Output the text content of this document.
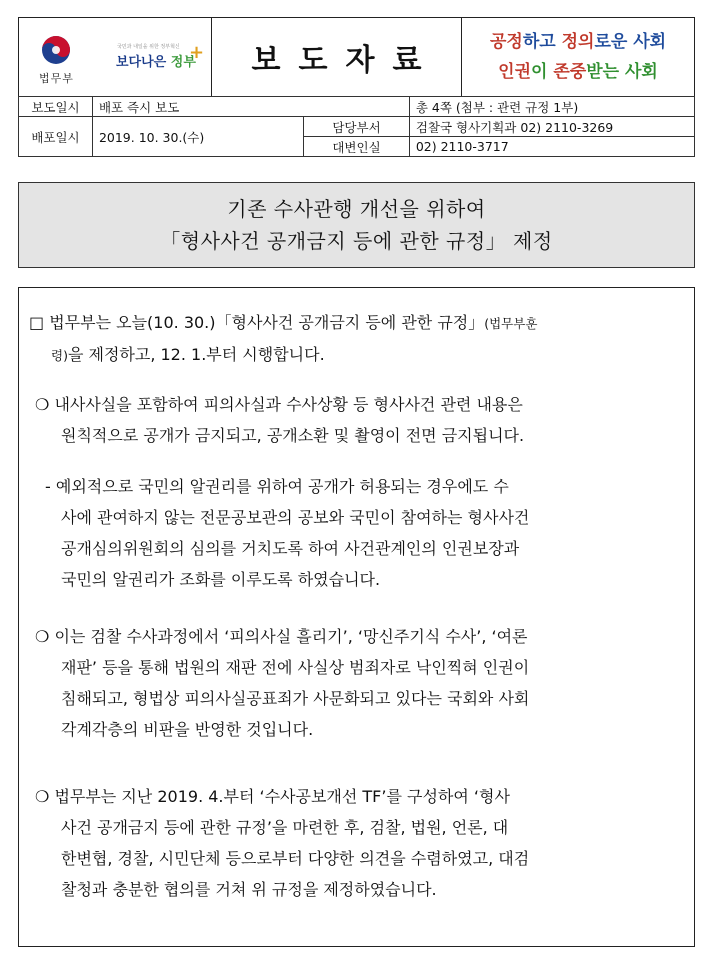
법무부
국민과 내일을 위한 정부혁신
보다나은 정부
+	보도자료
공정하고 정의로운 사회
인권이 존중받는 사회
보도일시	배포 즉시 보도		총 4쪽 (첨부 : 관련 규정 1부)
배포일시	2019. 10. 30.(수)	담당부서	검찰국 형사기획과 02) 2110-3269
		대변인실	02) 2110-3717
기존 수사관행 개선을 위하여
「형사사건 공개금지 등에 관한 규정」 제정
□ 법무부는 오늘(10. 30.)「형사사건 공개금지 등에 관한 규정」(법무부훈
령)을 제정하고, 12. 1.부터 시행합니다.
❍ 내사사실을 포함하여 피의사실과 수사상황 등 형사사건 관련 내용은
원칙적으로 공개가 금지되고, 공개소환 및 촬영이 전면 금지됩니다.
- 예외적으로 국민의 알권리를 위하여 공개가 허용되는 경우에도 수
사에 관여하지 않는 전문공보관의 공보와 국민이 참여하는 형사사건
공개심의위원회의 심의를 거치도록 하여 사건관계인의 인권보장과
국민의 알권리가 조화를 이루도록 하였습니다.
❍ 이는 검찰 수사과정에서 ‘피의사실 흘리기’, ‘망신주기식 수사’, ‘여론
재판’ 등을 통해 법원의 재판 전에 사실상 범죄자로 낙인찍혀 인권이
침해되고, 형법상 피의사실공표죄가 사문화되고 있다는 국회와 사회
각계각층의 비판을 반영한 것입니다.
❍ 법무부는 지난 2019. 4.부터 ‘수사공보개선 TF’를 구성하여 ‘형사
사건 공개금지 등에 관한 규정’을 마련한 후, 검찰, 법원, 언론, 대
한변협, 경찰, 시민단체 등으로부터 다양한 의견을 수렴하였고, 대검
찰청과 충분한 협의를 거쳐 위 규정을 제정하였습니다.
